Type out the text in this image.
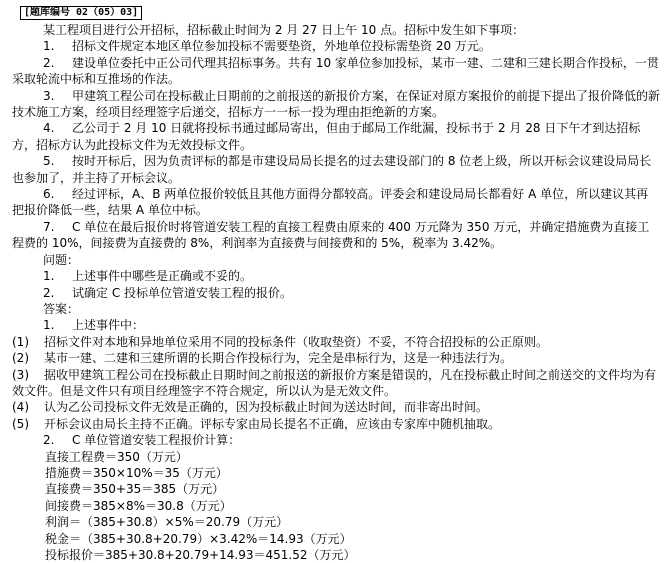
[题库编号 02（05）03]
某工程项目进行公开招标，招标截止时间为 2 月 27 日上午 10 点。招标中发生如下事项：
1. 招标文件规定本地区单位参加投标不需要垫资，外地单位投标需垫资 20 万元。
2. 建设单位委托中正公司代理其招标事务。共有 10 家单位参加投标，某市一建、二建和三建长期合作投标，一贯采取轮流中标和互推场的作法。
3. 甲建筑工程公司在投标截止日期前的之前报送的新报价方案，在保证对原方案报价的前提下提出了报价降低的新技术施工方案，经项目经理签字后递交，招标方一一标一投为理由拒绝新的方案。
4. 乙公司于 2 月 10 日就将投标书通过邮局寄出，但由于邮局工作纰漏，投标书于 2 月 28 日下午才到达招标方，招标方认为此投标文件为无效投标文件。
5. 按时开标后，因为负责评标的都是市建设局局长提名的过去建设部门的 8 位老上级，所以开标会议建设局局长也参加了，并主持了开标会议。
6. 经过评标，A、B 两单位报价较低且其他方面得分都较高。评委会和建设局局长都看好 A 单位，所以建议其再把报价降低一些，结果 A 单位中标。
7. C 单位在最后报价时将管道安装工程的直接工程费由原来的 400 万元降为 350 万元，并确定措施费为直接工程费的 10%，间接费为直接费的 8%，利润率为直接费与间接费和的 5%，税率为 3.42%。
问题：
1. 上述事件中哪些是正确或不妥的。
2. 试确定 C 投标单位管道安装工程的报价。
答案：
1. 上述事件中：
(1) 招标文件对本地和异地单位采用不同的投标条件（收取垫资）不妥，不符合招投标的公正原则。
(2) 某市一建、二建和三建所谓的长期合作投标行为，完全是串标行为，这是一种违法行为。
(3) 据收甲建筑工程公司在投标截止日期时间之前报送的新报价方案是错误的，凡在投标截止时间之前送交的文件均为有效文件。但是文件只有项目经理签字不符合规定，所以认为是无效文件。
(4) 认为乙公司投标文件无效是正确的，因为投标截止时间为送达时间，而非寄出时间。
(5) 开标会议由局长主持不正确。评标专家由局长提名不正确，应该由专家库中随机抽取。
2. C 单位管道安装工程报价计算：
直接工程费＝350（万元）
措施费＝350×10%＝35（万元）
直接费＝350+35＝385（万元）
间接费＝385×8%＝30.8（万元）
利润＝（385+30.8）×5%＝20.79（万元）
税金＝（385+30.8+20.79）×3.42%＝14.93（万元）
投标报价＝385+30.8+20.79+14.93＝451.52（万元）
